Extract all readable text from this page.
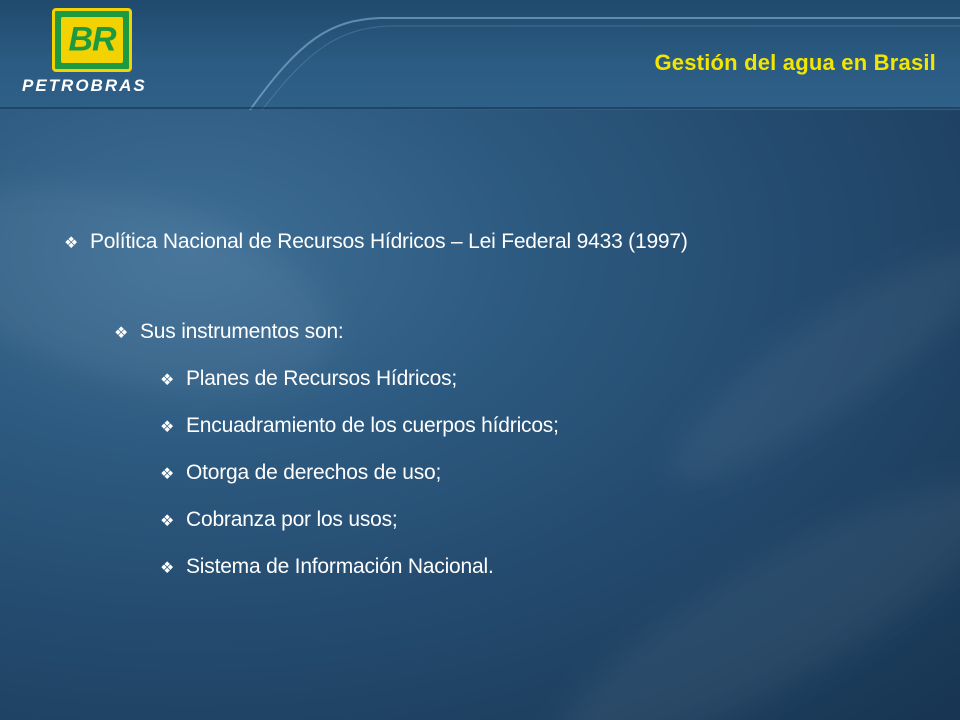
BR
PETROBRAS
Gestión del agua en Brasil
❖ Política Nacional de Recursos Hídricos – Lei Federal 9433 (1997)
❖ Sus instrumentos son:
❖ Planes de Recursos Hídricos;
❖ Encuadramiento de los cuerpos hídricos;
❖ Otorga de derechos de uso;
❖ Cobranza por los usos;
❖ Sistema de Información Nacional.
